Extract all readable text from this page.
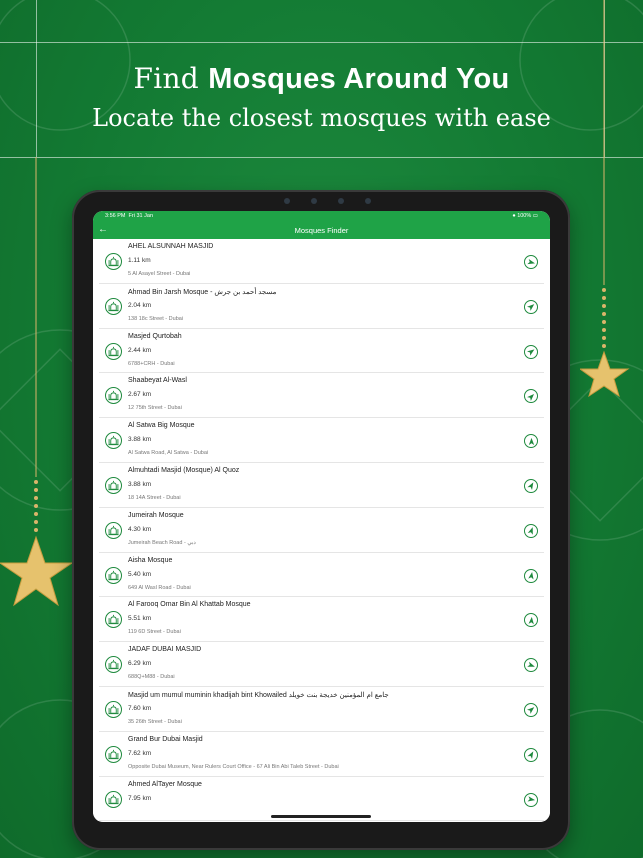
Find Mosques Around You
Locate the closest mosques with ease
3:56 PM Fri 31 Jan	● 100% ▭
←	Mosques Finder
AHEL ALSUNNAH MASJID
1.11 km
5 Al Asayel Street - Dubai
Ahmad Bin Jarsh Mosque - مسجد أحمد بن جرش
2.04 km
138 18c Street - Dubai
Masjed Qurtobah
2.44 km
6788+CRH - Dubai
Shaabeyat Al-Wasl
2.67 km
12 75th Street - Dubai
Al Satwa Big Mosque
3.88 km
Al Satwa Road, Al Satwa - Dubai
Almuhtadi Masjid (Mosque) Al Quoz
3.88 km
18 14A Street - Dubai
Jumeirah Mosque
4.30 km
Jumeirah Beach Road - دبي
Aisha Mosque
5.40 km
649 Al Wasl Road - Dubai
Al Farooq Omar Bin Al Khattab Mosque
5.51 km
119 6D Street - Dubai
JADAF DUBAI MASJID
6.29 km
688Q+M88 - Dubai
Masjid um mumul muminin khadijah bint Khowailed جامع ام المؤمنين خديجة بنت خويلد
7.60 km
35 26th Street - Dubai
Grand Bur Dubai Masjid
7.62 km
Opposite Dubai Museum, Near Rulers Court Office - 67 Ali Bin Abi Taleb Street - Dubai
Ahmed AlTayer Mosque
7.95 km
